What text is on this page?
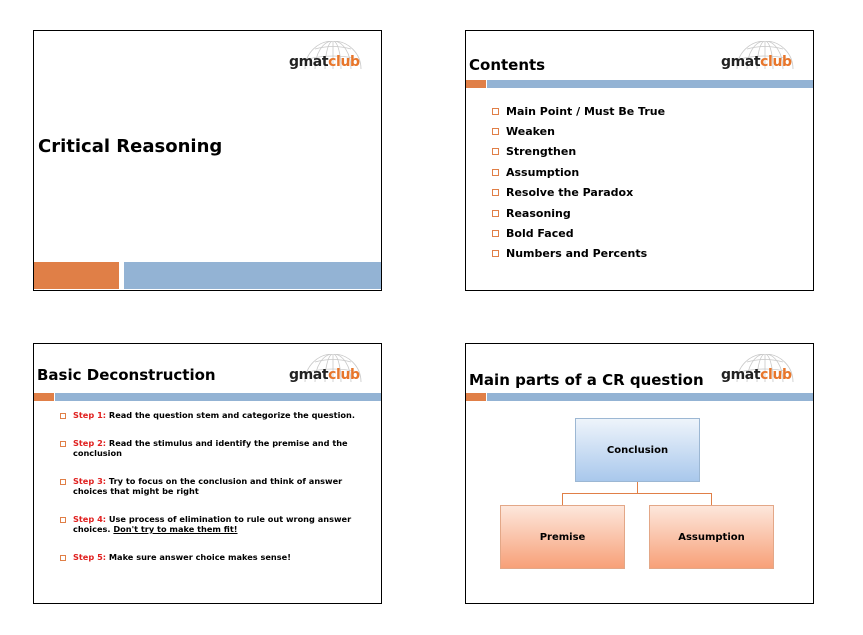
gmatclub
Critical Reasoning
gmatclub
Contents
Main Point / Must Be True
Weaken
Strengthen
Assumption
Resolve the Paradox
Reasoning
Bold Faced
Numbers and Percents
gmatclub
Basic Deconstruction
Step 1: Read the question stem and categorize the question.
Step 2: Read the stimulus and identify the premise and the conclusion
Step 3: Try to focus on the conclusion and think of answer choices that might be right
Step 4: Use process of elimination to rule out wrong answer choices. Don't try to make them fit!
Step 5: Make sure answer choice makes sense!
gmatclub
Main parts of a CR question
Conclusion
Premise	Assumption
